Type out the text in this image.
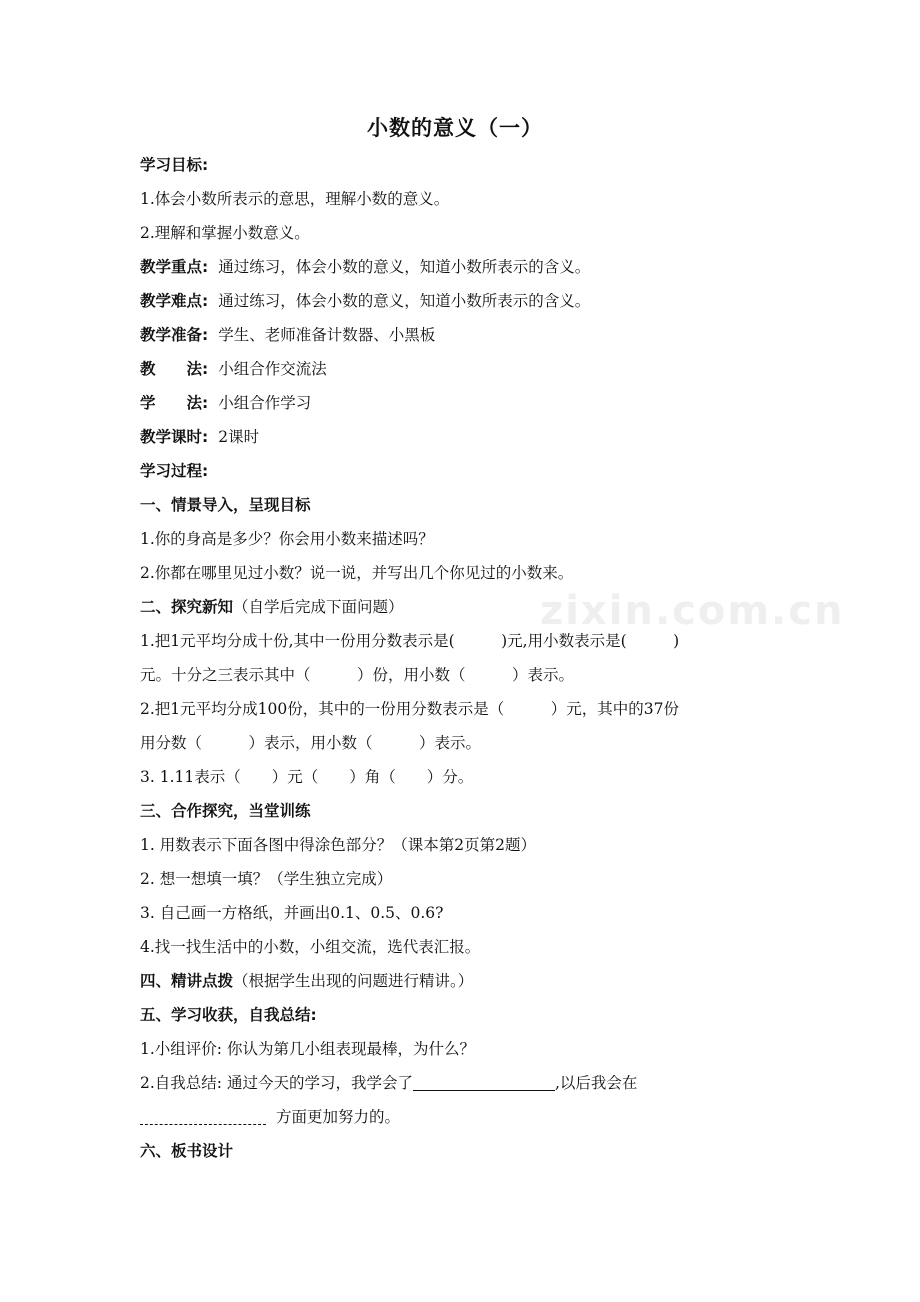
小数的意义（一）
zixin.com.cn
学习目标:
1.体会小数所表示的意思，理解小数的意义。
2.理解和掌握小数意义。
教学重点: 通过练习，体会小数的意义，知道小数所表示的含义。
教学难点: 通过练习，体会小数的意义，知道小数所表示的含义。
教学准备: 学生、老师准备计数器、小黑板
教　　法: 小组合作交流法
学　　法: 小组合作学习
教学课时: 2课时
学习过程:
一、情景导入，呈现目标
1.你的身高是多少？你会用小数来描述吗？
2.你都在哪里见过小数？说一说，并写出几个你见过的小数来。
二、探究新知（自学后完成下面问题）
1.把1元平均分成十份,其中一份用分数表示是(　　　)元,用小数表示是(　　　)
元。十分之三表示其中（　　　）份，用小数（　　　）表示。
2.把1元平均分成100份，其中的一份用分数表示是（　　　）元，其中的37份
用分数（　　　）表示，用小数（　　　）表示。
3. 1.11表示（　　）元（　　）角（　　）分。
三、合作探究，当堂训练
1. 用数表示下面各图中得涂色部分？（课本第2页第2题）
2. 想一想填一填？（学生独立完成）
3. 自己画一方格纸，并画出0.1、0.5、0.6?
4.找一找生活中的小数，小组交流，选代表汇报。
四、精讲点拨（根据学生出现的问题进行精讲。）
五、学习收获，自我总结:
1.小组评价: 你认为第几小组表现最棒，为什么？
2.自我总结: 通过今天的学习，我学会了	,以后我会在
方面更加努力的。
六、板书设计
